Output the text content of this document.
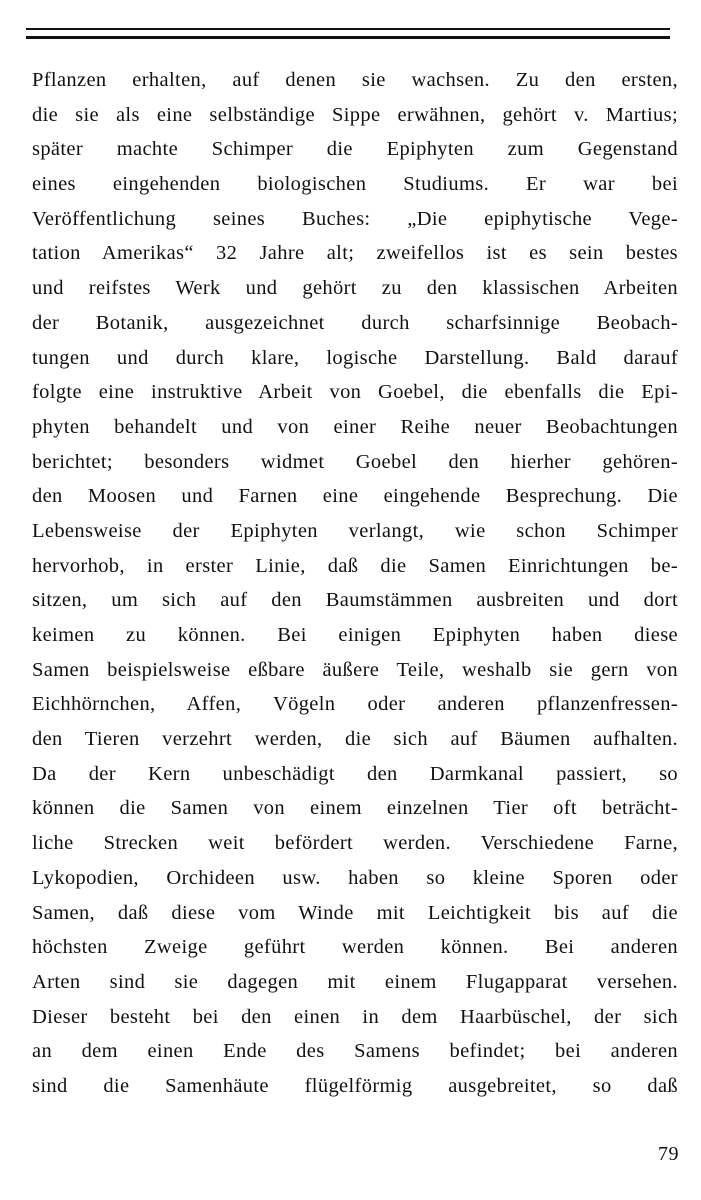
Pflanzen erhalten, auf denen sie wachsen. Zu den ersten,
die sie als eine selbständige Sippe erwähnen, gehört v. Martius;
später machte Schimper die Epiphyten zum Gegenstand
eines eingehenden biologischen Studiums. Er war bei
Veröffentlichung seines Buches: „Die epiphytische Vege-
tation Amerikas“ 32 Jahre alt; zweifellos ist es sein bestes
und reifstes Werk und gehört zu den klassischen Arbeiten
der Botanik, ausgezeichnet durch scharfsinnige Beobach-
tungen und durch klare, logische Darstellung. Bald darauf
folgte eine instruktive Arbeit von Goebel, die ebenfalls die Epi-
phyten behandelt und von einer Reihe neuer Beobachtungen
berichtet; besonders widmet Goebel den hierher gehören-
den Moosen und Farnen eine eingehende Besprechung. Die
Lebensweise der Epiphyten verlangt, wie schon Schimper
hervorhob, in erster Linie, daß die Samen Einrichtungen be-
sitzen, um sich auf den Baumstämmen ausbreiten und dort
keimen zu können. Bei einigen Epiphyten haben diese
Samen beispielsweise eßbare äußere Teile, weshalb sie gern von
Eichhörnchen, Affen, Vögeln oder anderen pflanzenfressen-
den Tieren verzehrt werden, die sich auf Bäumen aufhalten.
Da der Kern unbeschädigt den Darmkanal passiert, so
können die Samen von einem einzelnen Tier oft beträcht-
liche Strecken weit befördert werden. Verschiedene Farne,
Lykopodien, Orchideen usw. haben so kleine Sporen oder
Samen, daß diese vom Winde mit Leichtigkeit bis auf die
höchsten Zweige geführt werden können. Bei anderen
Arten sind sie dagegen mit einem Flugapparat versehen.
Dieser besteht bei den einen in dem Haarbüschel, der sich
an dem einen Ende des Samens befindet; bei anderen
sind die Samenhäute flügelförmig ausgebreitet, so daß
79
